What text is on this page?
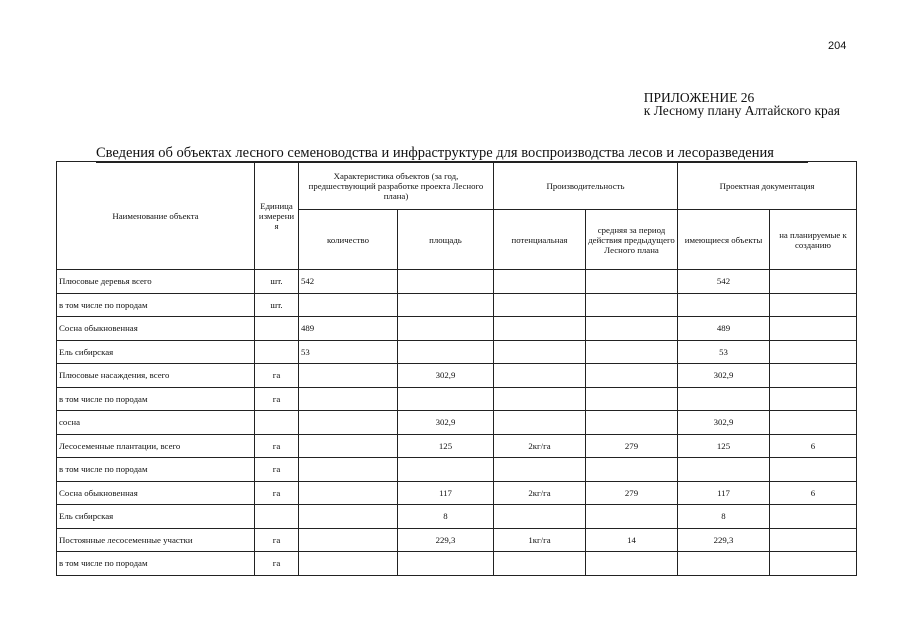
204
ПРИЛОЖЕНИЕ 26
к Лесному плану Алтайского края
Сведения об объектах лесного семеноводства и инфраструктуре для воспроизводства лесов и лесоразведения
Наименование объекта	Единица измерени я	Характеристика объектов (за год, предшествующий разработке проекта Лесного плана)		Производительность		Проектная документация	
		количество	площадь	потенциальная	средняя за период действия предыдущего Лесного плана	имеющиеся объекты	на планируемые к созданию
Плюсовые деревья всего	шт.	542				542	
в том числе по породам	шт.						
Сосна обыкновенная		489				489	
Ель сибирская		53				53	
Плюсовые насаждения, всего	га		302,9			302,9	
в том числе по породам	га						
сосна			302,9			302,9	
Лесосеменные плантации, всего	га		125	2кг/га	279	125	6
в том числе по породам	га						
Сосна обыкновенная	га		117	2кг/га	279	117	6
Ель сибирская			8			8	
Постоянные лесосеменные участки	га		229,3	1кг/га	14	229,3	
в том числе по породам	га						
